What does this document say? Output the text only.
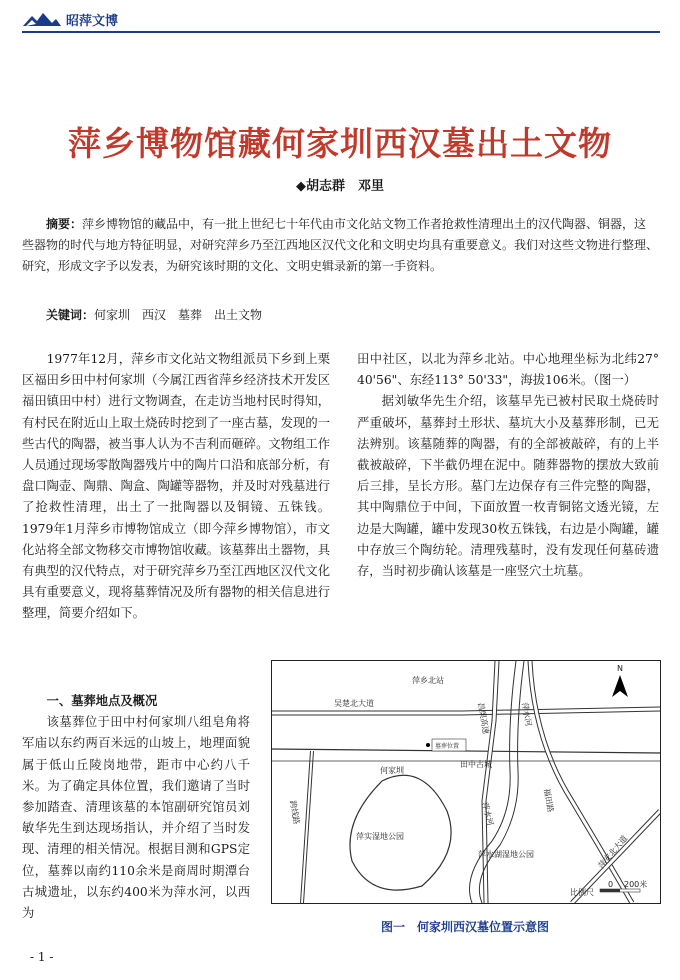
昭萍文博
萍乡博物馆藏何家圳西汉墓出土文物
◆胡志群　邓里
摘要：萍乡博物馆的藏品中，有一批上世纪七十年代由市文化站文物工作者抢救性清理出土的汉代陶器、铜器，这些器物的时代与地方特征明显，对研究萍乡乃至江西地区汉代文化和文明史均具有重要意义。我们对这些文物进行整理、研究，形成文字予以发表，为研究该时期的文化、文明史辑录新的第一手资料。
关键词：何家圳　西汉　墓葬　出土文物

1977年12月，萍乡市文化站文物组派员下乡到上栗区福田乡田中村何家圳（今属江西省萍乡经济技术开发区福田镇田中村）进行文物调查，在走访当地村民时得知，有村民在附近山上取土烧砖时挖到了一座古墓，发现的一些古代的陶器，被当事人认为不吉利而砸碎。文物组工作人员通过现场零散陶器残片中的陶片口沿和底部分析，有盘口陶壶、陶鼎、陶盒、陶罐等器物，并及时对残墓进行了抢救性清理，出土了一批陶器以及铜镜、五铢钱。1979年1月萍乡市博物馆成立（即今萍乡博物馆），市文化站将全部文物移交市博物馆收藏。该墓葬出土器物，具有典型的汉代特点，对于研究萍乡乃至江西地区汉代文化具有重要意义，现将墓葬情况及所有器物的相关信息进行整理，简要介绍如下。

一、墓葬地点及概况

该墓葬位于田中村何家圳八组皂角将军庙以东约两百米远的山坡上，地理面貌属于低山丘陵岗地带，距市中心约八千米。为了确定具体位置，我们邀请了当时参加踏查、清理该墓的本馆副研究馆员刘敏华先生到达现场指认，并介绍了当时发现、清理的相关情况。根据目测和GPS定位，墓葬以南约110余米是商周时期潭台古城遗址，以东约400米为萍水河，以西为

田中社区，以北为萍乡北站。中心地理坐标为北纬27° 40'56"、东经113° 50'33"，海拔106米。（图一）

据刘敏华先生介绍，该墓早先已被村民取土烧砖时严重破坏，墓葬封土形状、墓坑大小及墓葬形制，已无法辨别。该墓随葬的陶器，有的全部被敲碎，有的上半截被敲碎，下半截仍埋在泥中。随葬器物的摆放大致前后三排，呈长方形。墓门左边保存有三件完整的陶器，其中陶鼎位于中间，下面放置一枚青铜铭文透光镜，左边是大陶罐，罐中发现30枚五铢钱，右边是小陶罐，罐中存放三个陶纺轮。清理残墓时，没有发现任何墓砖遗存，当时初步确认该墓是一座竖穴土坑墓。

N
比例尺
0 200米
萍乡北站
吴楚北大道
墓葬位置
何家圳
田中古城
萍实湿地公园
萍水湖湿地公园
昌栗高速
萍水河
萍水河
福田路
萍安北大道
跨线路
图一　何家圳西汉墓位置示意图
- 1 -
